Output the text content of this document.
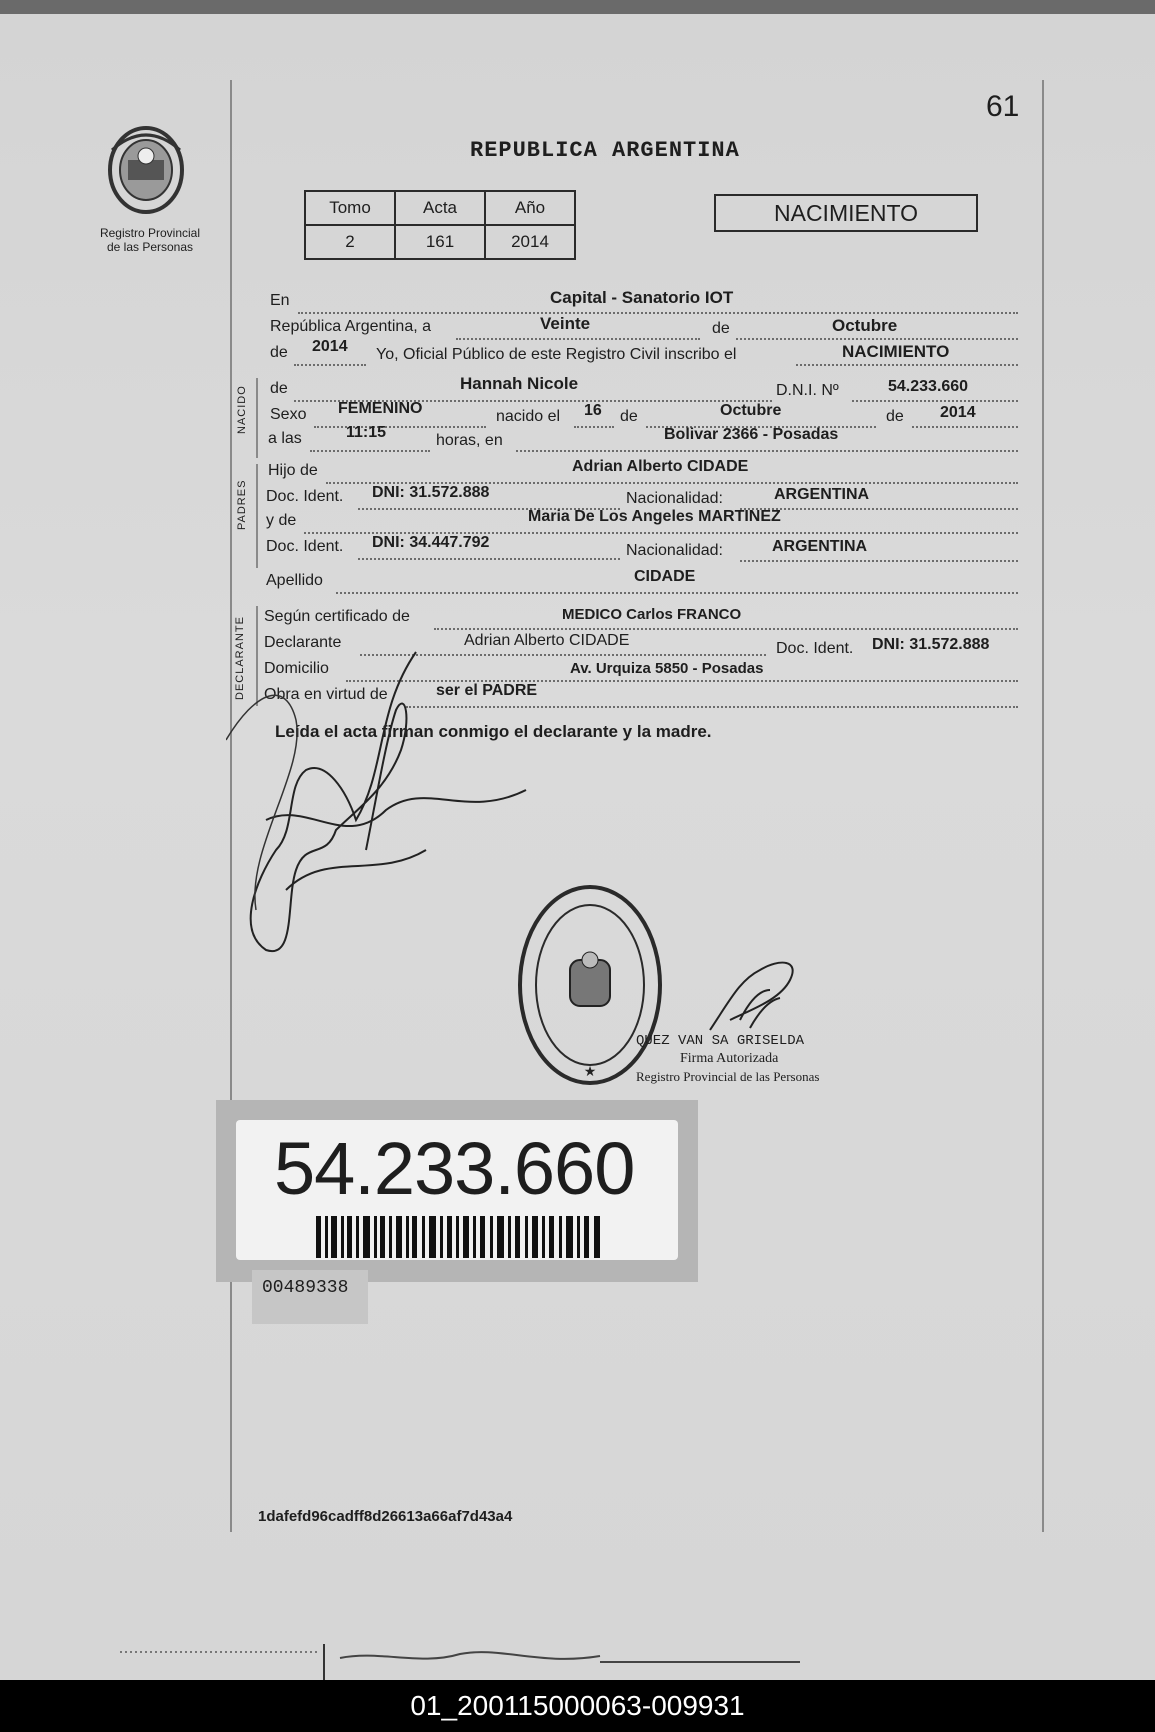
61
Registro Provincial
de las Personas
REPUBLICA ARGENTINA
Tomo	Acta	Año
2	161	2014
NACIMIENTO
En	Capital - Sanatorio IOT
República Argentina, a	Veinte	de	Octubre
de 2014 Yo, Oficial Público de este Registro Civil inscribo el	NACIMIENTO
NACIDO de	Hannah Nicole	D.N.I. Nº	54.233.660
Sexo FEMENINO	nacido el 16 de	Octubre	de 2014
a las	11:15	horas, en	Bolivar 2366 - Posadas
PADRES
Hijo de	Adrian Alberto CIDADE
Doc. Ident. DNI: 31.572.888	Nacionalidad:	ARGENTINA
y de	Maria De Los Angeles MARTINEZ
Doc. Ident. DNI: 34.447.792	Nacionalidad:	ARGENTINA
Apellido	CIDADE
DECLARANTE Según certificado de	MEDICO Carlos FRANCO
Declarante	Adrian Alberto CIDADE	Doc. Ident. DNI: 31.572.888
Domicilio	Av. Urquiza 5850 - Posadas
Obra en virtud de	ser el PADRE
Leída el acta firman conmigo el declarante y la madre.
★
QUEZ VAN SA GRISELDA
Firma Autorizada
Registro Provincial de las Personas
54.233.660
00489338
1dafefd96cadff8d26613a66af7d43a4
01_200115000063-009931
